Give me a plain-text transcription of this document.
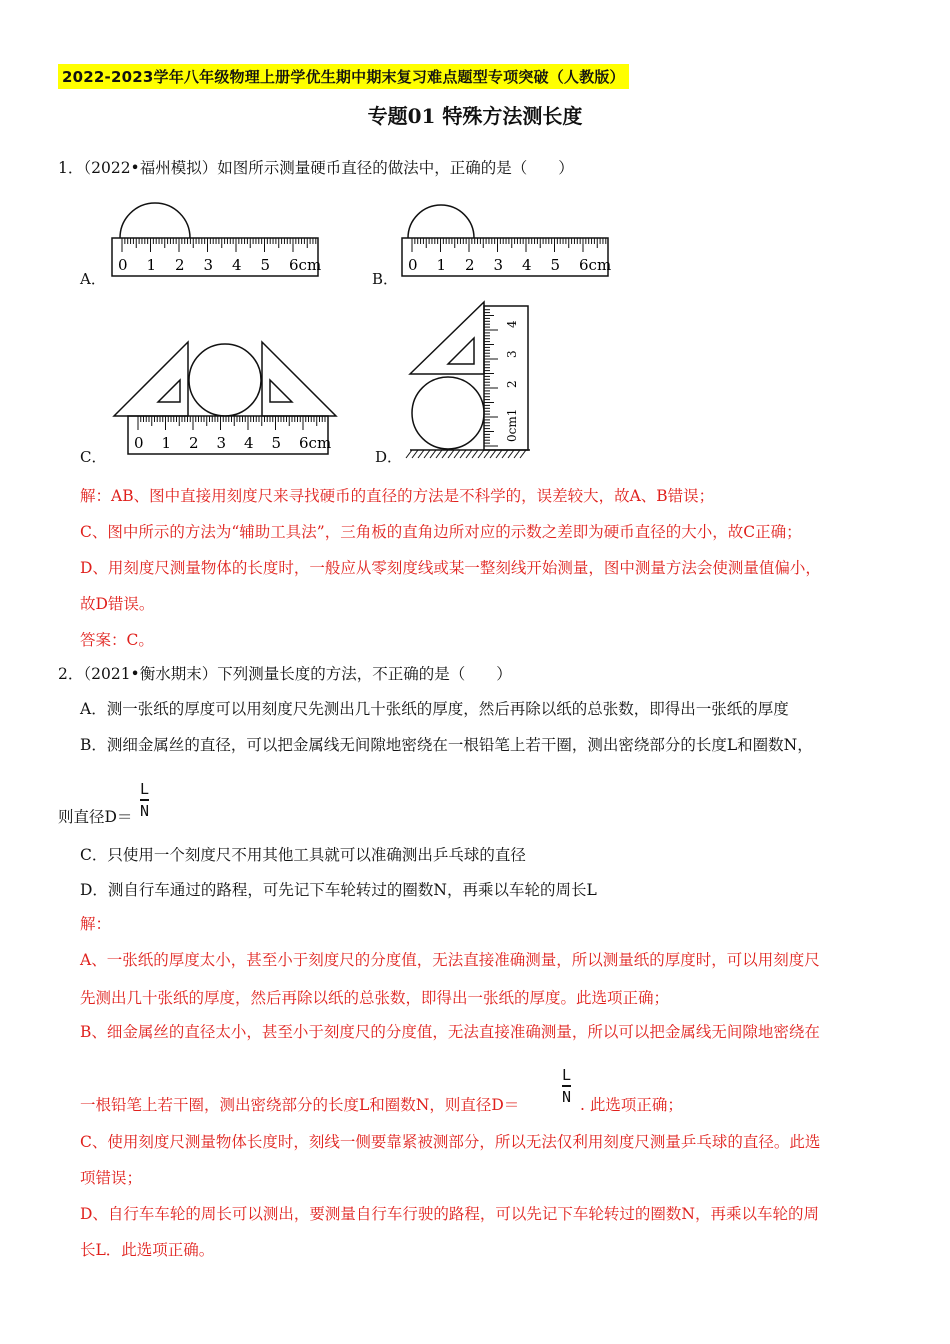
2022-2023学年八年级物理上册学优生期中期末复习难点题型专项突破（人教版）
专题01 特殊方法测长度
1．（2022•福州模拟）如图所示测量硬币直径的做法中，正确的是（　　）
0 1 2 3 4 5 6cm
A．
0 1 2 3 4 5 6cm
B．
0 1 2 3 4 5 6cm
C．
0cm1
2
3
4
D．
解：AB、图中直接用刻度尺来寻找硬币的直径的方法是不科学的，误差较大，故A、B错误；
C、图中所示的方法为“辅助工具法”，三角板的直角边所对应的示数之差即为硬币直径的大小，故C正确；
D、用刻度尺测量物体的长度时，一般应从零刻度线或某一整刻线开始测量，图中测量方法会使测量值偏小，
故D错误。
答案：C。
2．（2021•衡水期末）下列测量长度的方法，不正确的是（　　）
A．测一张纸的厚度可以用刻度尺先测出几十张纸的厚度，然后再除以纸的总张数，即得出一张纸的厚度
B．测细金属丝的直径，可以把金属线无间隙地密绕在一根铅笔上若干圈，测出密绕部分的长度L和圈数N，
则直径D＝
L
N
C．只使用一个刻度尺不用其他工具就可以准确测出乒乓球的直径
D．测自行车通过的路程，可先记下车轮转过的圈数N，再乘以车轮的周长L
解：
A、一张纸的厚度太小，甚至小于刻度尺的分度值，无法直接准确测量，所以测量纸的厚度时，可以用刻度尺
先测出几十张纸的厚度，然后再除以纸的总张数，即得出一张纸的厚度。此选项正确；
B、细金属丝的直径太小，甚至小于刻度尺的分度值，无法直接准确测量，所以可以把金属线无间隙地密绕在
一根铅笔上若干圈，测出密绕部分的长度L和圈数N，则直径D＝
L
N . 此选项正确；
C、使用刻度尺测量物体长度时，刻线一侧要靠紧被测部分，所以无法仅利用刻度尺测量乒乓球的直径。此选
项错误；
D、自行车车轮的周长可以测出，要测量自行车行驶的路程，可以先记下车轮转过的圈数N，再乘以车轮的周
长L．此选项正确。
